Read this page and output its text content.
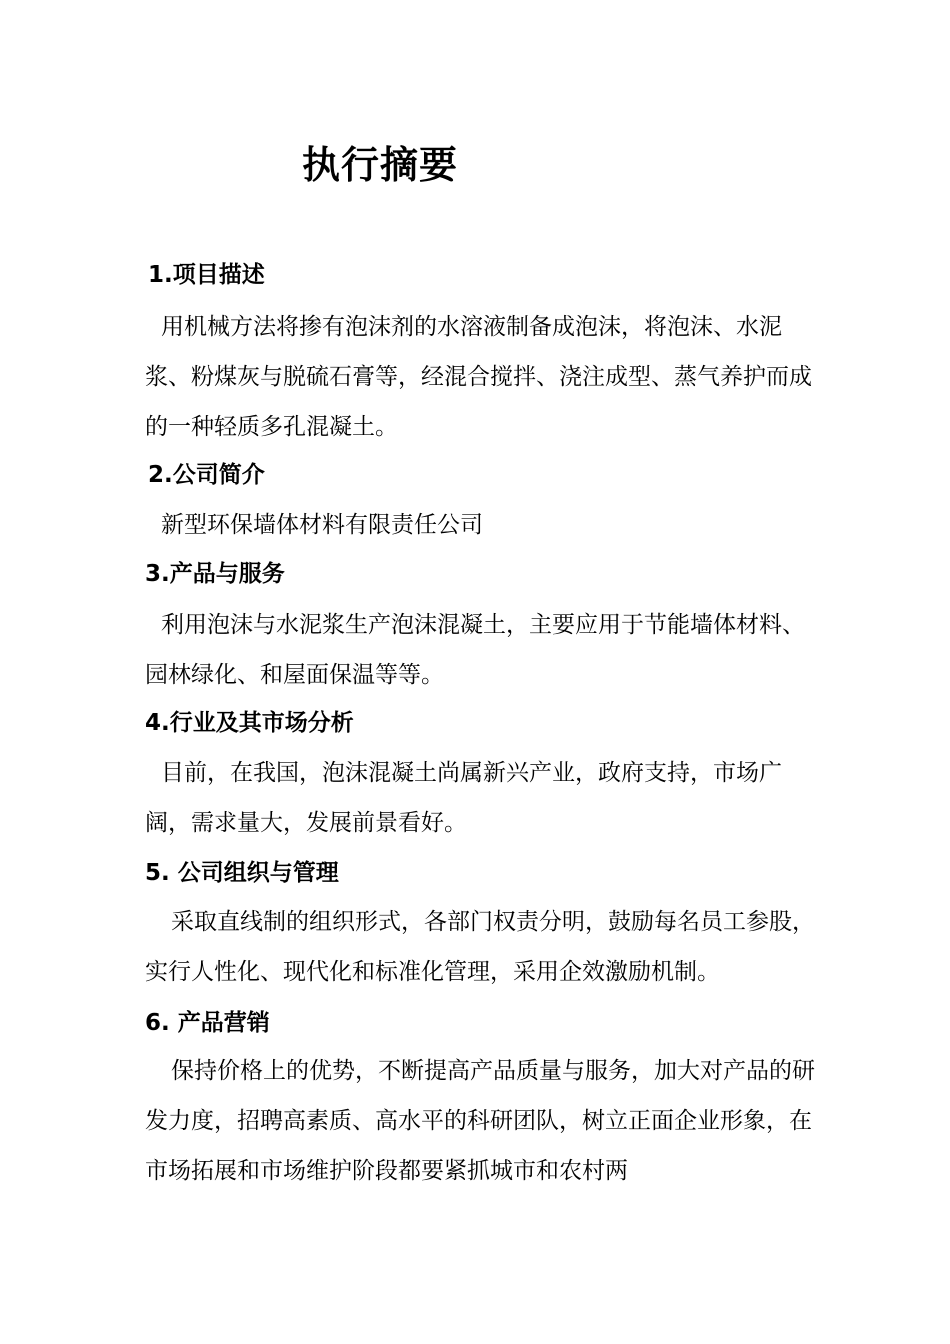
执行摘要
1.项目描述
用机械方法将掺有泡沫剂的水溶液制备成泡沫，将泡沫、水泥浆、粉煤灰与脱硫石膏等，经混合搅拌、浇注成型、蒸气养护而成的一种轻质多孔混凝土。
2.公司简介
新型环保墙体材料有限责任公司
3.产品与服务
利用泡沫与水泥浆生产泡沫混凝土，主要应用于节能墙体材料、园林绿化、和屋面保温等等。
4.行业及其市场分析
目前，在我国，泡沫混凝土尚属新兴产业，政府支持，市场广阔，需求量大，发展前景看好。
5. 公司组织与管理
采取直线制的组织形式，各部门权责分明，鼓励每名员工参股，实行人性化、现代化和标准化管理，采用企效激励机制。
6. 产品营销
保持价格上的优势，不断提高产品质量与服务，加大对产品的研发力度，招聘高素质、高水平的科研团队，树立正面企业形象，在市场拓展和市场维护阶段都要紧抓城市和农村两
